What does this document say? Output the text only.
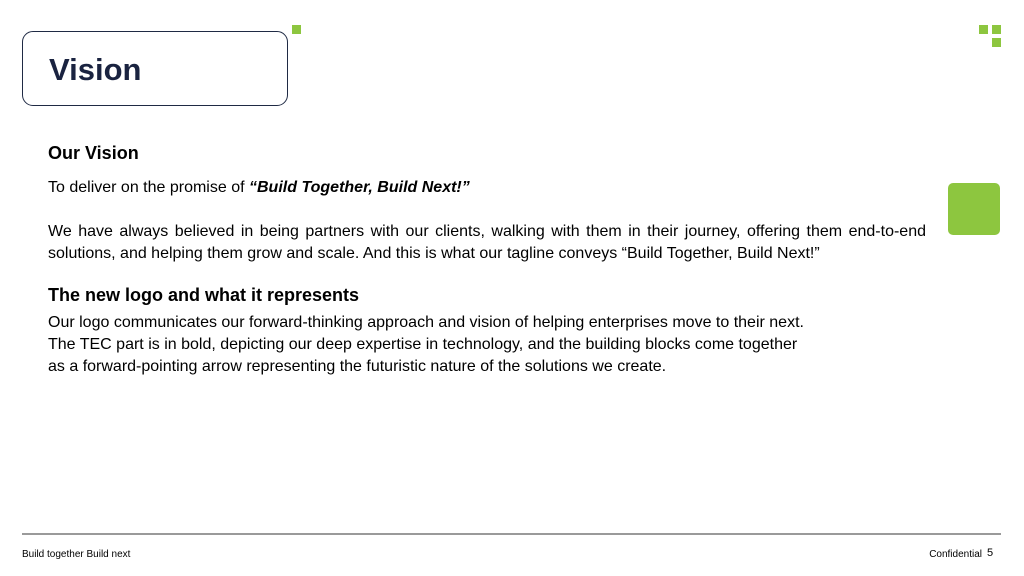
Vision

Our Vision

To deliver on the promise of “Build Together, Build Next!”

We have always believed in being partners with our clients, walking with them in their journey, offering them end-to-end solutions, and helping them grow and scale. And this is what our tagline conveys “Build Together, Build Next!”

The new logo and what it represents

Our logo communicates our forward-thinking approach and vision of helping enterprises move to their next.
The TEC part is in bold, depicting our deep expertise in technology, and the building blocks come together
as a forward-pointing arrow representing the futuristic nature of the solutions we create.

Build together Build next	Confidential 5
